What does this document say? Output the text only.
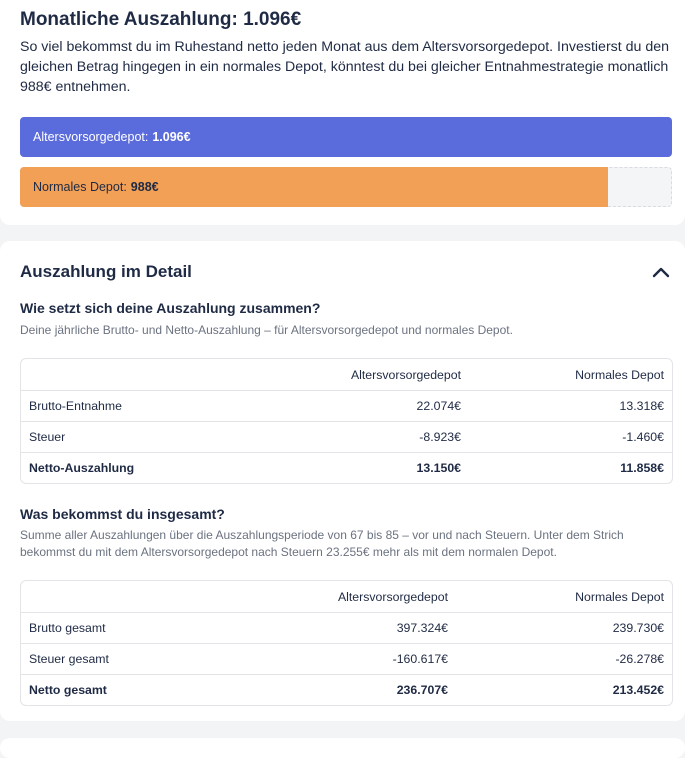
Monatliche Auszahlung: 1.096€
So viel bekommst du im Ruhestand netto jeden Monat aus dem Altersvorsorgedepot. Investierst du den gleichen Betrag hingegen in ein normales Depot, könntest du bei gleicher Entnahmestrategie monatlich 988€ entnehmen.
Altersvorsorgedepot: 1.096€
Normales Depot: 988€
Auszahlung im Detail
Wie setzt sich deine Auszahlung zusammen?
Deine jährliche Brutto- und Netto-Auszahlung – für Altersvorsorgedepot und normales Depot.
	Altersvorsorgedepot	Normales Depot
Brutto-Entnahme	22.074€	13.318€
Steuer	-8.923€	-1.460€
Netto-Auszahlung	13.150€	11.858€
Was bekommst du insgesamt?
Summe aller Auszahlungen über die Auszahlungsperiode von 67 bis 85 – vor und nach Steuern. Unter dem Strich bekommst du mit dem Altersvorsorgedepot nach Steuern 23.255€ mehr als mit dem normalen Depot.
	Altersvorsorgedepot	Normales Depot
Brutto gesamt	397.324€	239.730€
Steuer gesamt	-160.617€	-26.278€
Netto gesamt	236.707€	213.452€
